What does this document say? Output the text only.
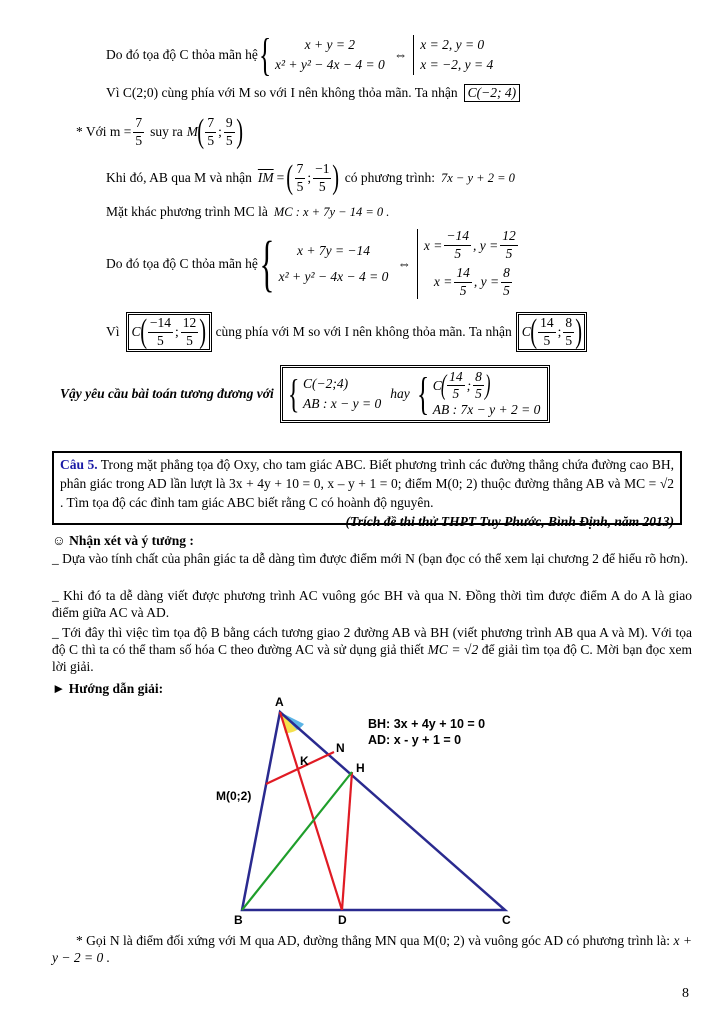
Do đó tọa độ C thỏa mãn hệ {	x + y = 2
x² + y² − 4x − 4 = 0
⇔
x = 2, y = 0
x = −2, y = 4
Vì C(2;0) cùng phía với M so với I nên không thỏa mãn. Ta nhận C(−2; 4)
* Với $m = \frac{7}{5}$ suy ra M ( $\frac{7}{5}$ ; $\frac{9}{5}$ )
Khi đó, AB qua M và nhận $\overline{IM}$ = ( $\frac{7}{5}$ ; $\frac{-1}{5}$ ) có phương trình: 7x − y + 2 = 0
Mặt khác phương trình MC là MC : x + 7y − 14 = 0 .
Do đó tọa độ C thỏa mãn hệ {	x + 7y = −14
x² + y² − 4x − 4 = 0
⇔
$x = \frac{-14}{5}$ , $y = \frac{12}{5}$
$x = \frac{14}{5}$ , $y = \frac{8}{5}$
Vì C ( $\frac{-14}{5}$ ; $\frac{12}{5}$ ) cùng phía với M so với I nên không thỏa mãn. Ta nhận C ( $\frac{14}{5}$ ; $\frac{8}{5}$ )
Vậy yêu cầu bài toán tương đương với { C(−2;4)
AB : x − y = 0
hay { C
( $\frac{14}{5}$ ; $\frac{8}{5}$ )
AB : 7x − y + 2 = 0
Câu 5. Trong mặt phẳng tọa độ Oxy, cho tam giác ABC. Biết phương trình các đường thẳng chứa đường cao BH, phân giác trong AD lần lượt là 3x + 4y + 10 = 0, x – y + 1 = 0; điểm M(0; 2) thuộc đường thẳng AB và MC = √2 . Tìm tọa độ các đỉnh tam giác ABC biết rằng C có hoành độ nguyên.
(Trích đề thi thử THPT Tuy Phước, Bình Định, năm 2013)
☺ Nhận xét và ý tưởng :
_ Dựa vào tính chất của phân giác ta dễ dàng tìm được điểm mới N (bạn đọc có thể xem lại chương 2 để hiểu rõ hơn).
_ Khi đó ta dễ dàng viết được phương trình AC vuông góc BH và qua N. Đồng thời tìm được điểm A do A là giao điểm giữa AC và AD.
_ Tới đây thì việc tìm tọa độ B bằng cách tương giao 2 đường AB và BH (viết phương trình AB qua A và M). Với tọa độ C thì ta có thể tham số hóa C theo đường AC và sử dụng giả thiết MC = √2 để giải tìm tọa độ C. Mời bạn đọc xem lời giải.
► Hướng dẫn giải:
A
B	C
D
H
K
N
M(0;2)
BH: 3x + 4y + 10 = 0
AD: x - y + 1 = 0
* Gọi N là điểm đối xứng với M qua AD, đường thẳng MN qua M(0; 2) và vuông góc AD có phương trình là: x + y − 2 = 0 .
8
